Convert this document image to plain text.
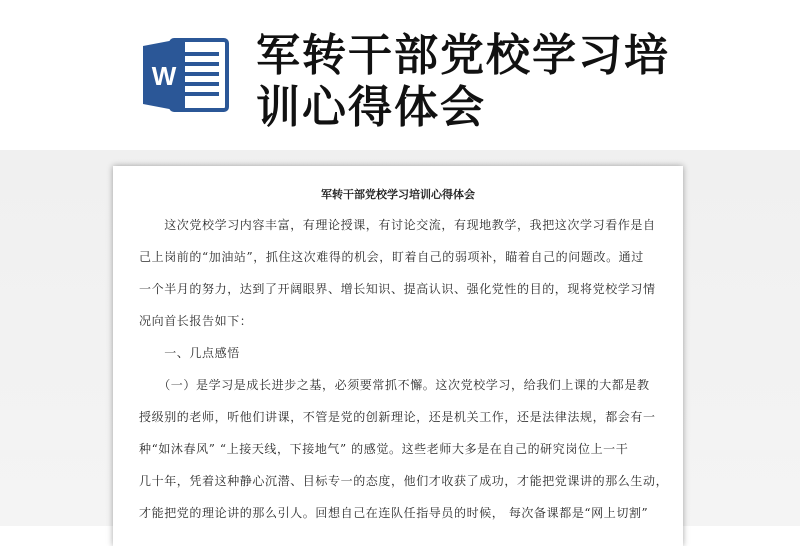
W 军转干部党校学习培
训心得体会
军转干部党校学习培训心得体会
　　这次党校学习内容丰富，有理论授课，有讨论交流，有现地教学，我把这次学习看作是自
己上岗前的“加油站”，抓住这次难得的机会，盯着自己的弱项补，瞄着自己的问题改。通过
一个半月的努力，达到了开阔眼界、增长知识、提高认识、强化党性的目的，现将党校学习情
况向首长报告如下：
　　一、几点感悟
　　（一）是学习是成长进步之基，必须要常抓不懈。这次党校学习，给我们上课的大都是教
授级别的老师，听他们讲课，不管是党的创新理论，还是机关工作，还是法律法规，都会有一
种“如沐春风” “上接天线，下接地气” 的感觉。这些老师大多是在自己的研究岗位上一干
几十年，凭着这种静心沉潜、目标专一的态度，他们才收获了成功，才能把党课讲的那么生动，
才能把党的理论讲的那么引人。回想自己在连队任指导员的时候， 每次备课都是“网上切割”
